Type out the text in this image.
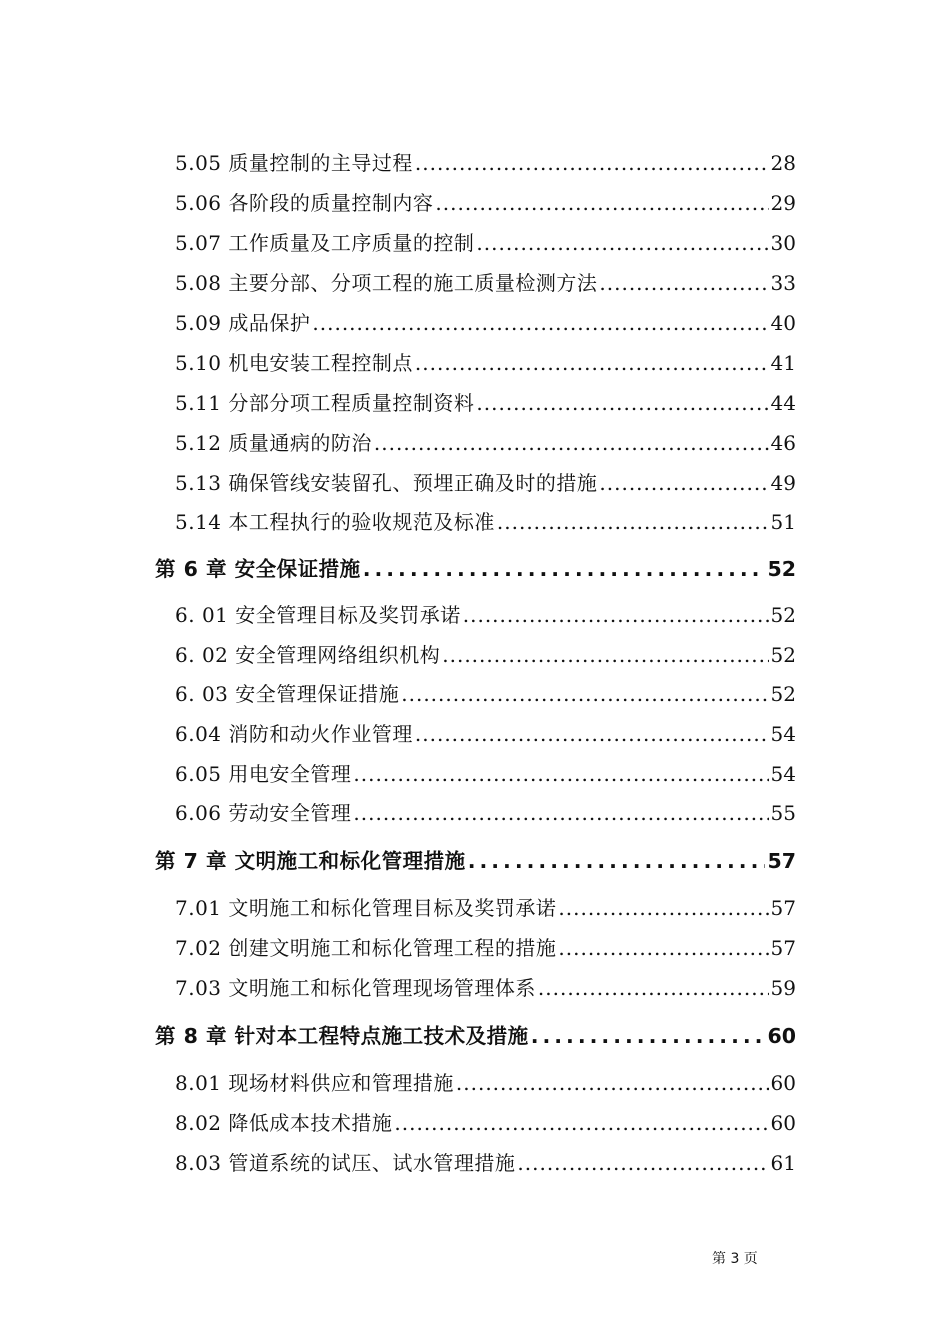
5.05 质量控制的主导过程 .....	28
5.06 各阶段的质量控制内容 .....	29
5.07 工作质量及工序质量的控制 .....	30
5.08 主要分部、分项工程的施工质量检测方法 .....	33
5.09 成品保护 .....	40
5.10 机电安装工程控制点 .....	41
5.11 分部分项工程质量控制资料 .....	44
5.12 质量通病的防治 .....	46
5.13 确保管线安装留孔、预埋正确及时的措施 .....	49
5.14 本工程执行的验收规范及标准 .....	51
第 6 章 安全保证措施 .....	52
6. 01 安全管理目标及奖罚承诺 .....	52
6. 02 安全管理网络组织机构 .....	52
6. 03 安全管理保证措施 .....	52
6.04 消防和动火作业管理 .....	54
6.05 用电安全管理 .....	54
6.06 劳动安全管理 .....	55
第 7 章 文明施工和标化管理措施 .....	57
7.01 文明施工和标化管理目标及奖罚承诺 .....	57
7.02 创建文明施工和标化管理工程的措施 .....	57
7.03 文明施工和标化管理现场管理体系 .....	59
第 8 章 针对本工程特点施工技术及措施 .....	60
8.01 现场材料供应和管理措施 .....	60
8.02 降低成本技术措施 .....	60
8.03 管道系统的试压、试水管理措施 .....	61
第 3 页
